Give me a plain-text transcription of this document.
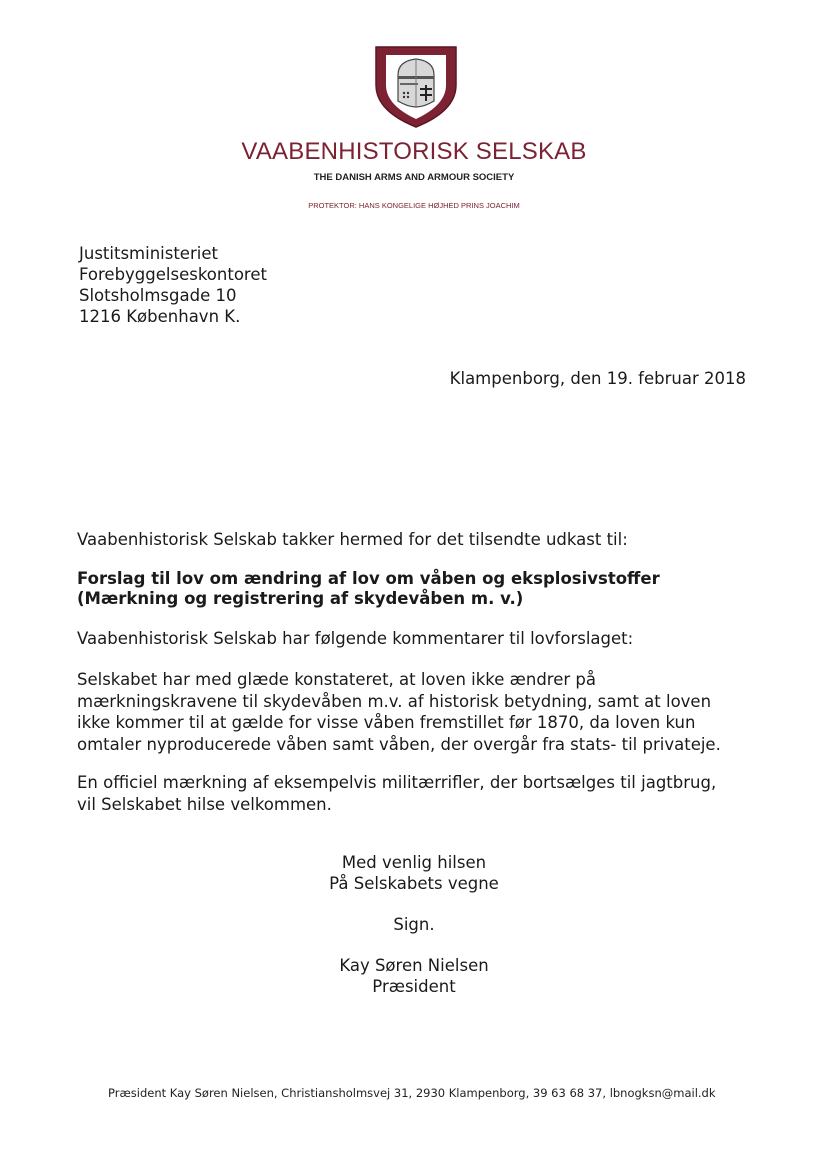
VAABENHISTORISK SELSKAB
THE DANISH ARMS AND ARMOUR SOCIETY
PROTEKTOR: HANS KONGELIGE HØJHED PRINS JOACHIM
Justitsministeriet
Forebyggelseskontoret
Slotsholmsgade 10
1216 København K.
Klampenborg, den 19. februar 2018
Vaabenhistorisk Selskab takker hermed for det tilsendte udkast til:
Forslag til lov om ændring af lov om våben og eksplosivstoffer
(Mærkning og registrering af skydevåben m. v.)
Vaabenhistorisk Selskab har følgende kommentarer til lovforslaget:
Selskabet har med glæde konstateret, at loven ikke ændrer på
mærkningskravene til skydevåben m.v. af historisk betydning, samt at loven
ikke kommer til at gælde for visse våben fremstillet før 1870, da loven kun
omtaler nyproducerede våben samt våben, der overgår fra stats- til privateje.
En officiel mærkning af eksempelvis militærrifler, der bortsælges til jagtbrug,
vil Selskabet hilse velkommen.
Med venlig hilsen
På Selskabets vegne
Sign.
Kay Søren Nielsen
Præsident
Præsident Kay Søren Nielsen, Christiansholmsvej 31, 2930 Klampenborg, 39 63 68 37, lbnogksn@mail.dk
